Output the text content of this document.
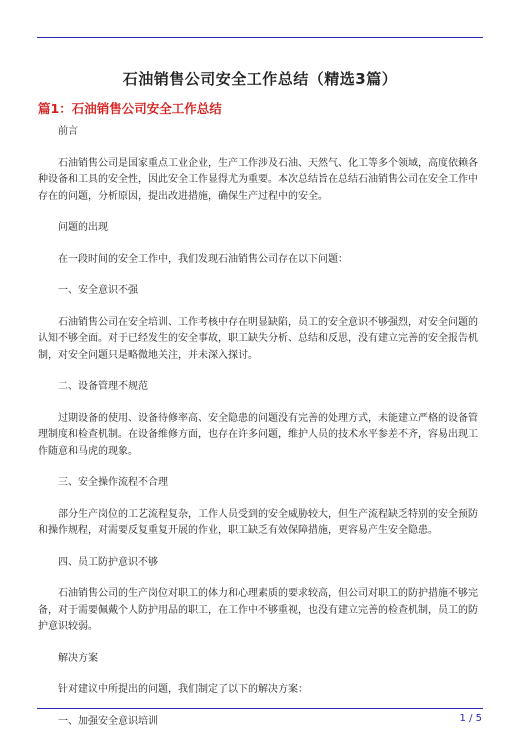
石油销售公司安全工作总结（精选3篇）
篇1：石油销售公司安全工作总结

前言

石油销售公司是国家重点工业企业，生产工作涉及石油、天然气、化工等多个领域，高度依赖各种设备和工具的安全性，因此安全工作显得尤为重要。本次总结旨在总结石油销售公司在安全工作中存在的问题，分析原因，提出改进措施，确保生产过程中的安全。

问题的出现

在一段时间的安全工作中，我们发现石油销售公司存在以下问题：

一、安全意识不强

石油销售公司在安全培训、工作考核中存在明显缺陷，员工的安全意识不够强烈，对安全问题的认知不够全面。对于已经发生的安全事故，职工缺失分析、总结和反思，没有建立完善的安全报告机制，对安全问题只是略微地关注，并未深入探讨。

二、设备管理不规范

过期设备的使用、设备待修率高、安全隐患的问题没有完善的处理方式，未能建立严格的设备管理制度和检查机制。在设备维修方面，也存在许多问题，维护人员的技术水平参差不齐，容易出现工作随意和马虎的现象。

三、安全操作流程不合理

部分生产岗位的工艺流程复杂，工作人员受到的安全威胁较大，但生产流程缺乏特别的安全预防和操作规程，对需要反复重复开展的作业，职工缺乏有效保障措施，更容易产生安全隐患。

四、员工防护意识不够

石油销售公司的生产岗位对职工的体力和心理素质的要求较高，但公司对职工的防护措施不够完备，对于需要佩戴个人防护用品的职工，在工作中不够重视，也没有建立完善的检查机制，员工的防护意识较弱。

解决方案

针对建议中所提出的问题，我们制定了以下的解决方案：

一、加强安全意识培训	1 / 5
